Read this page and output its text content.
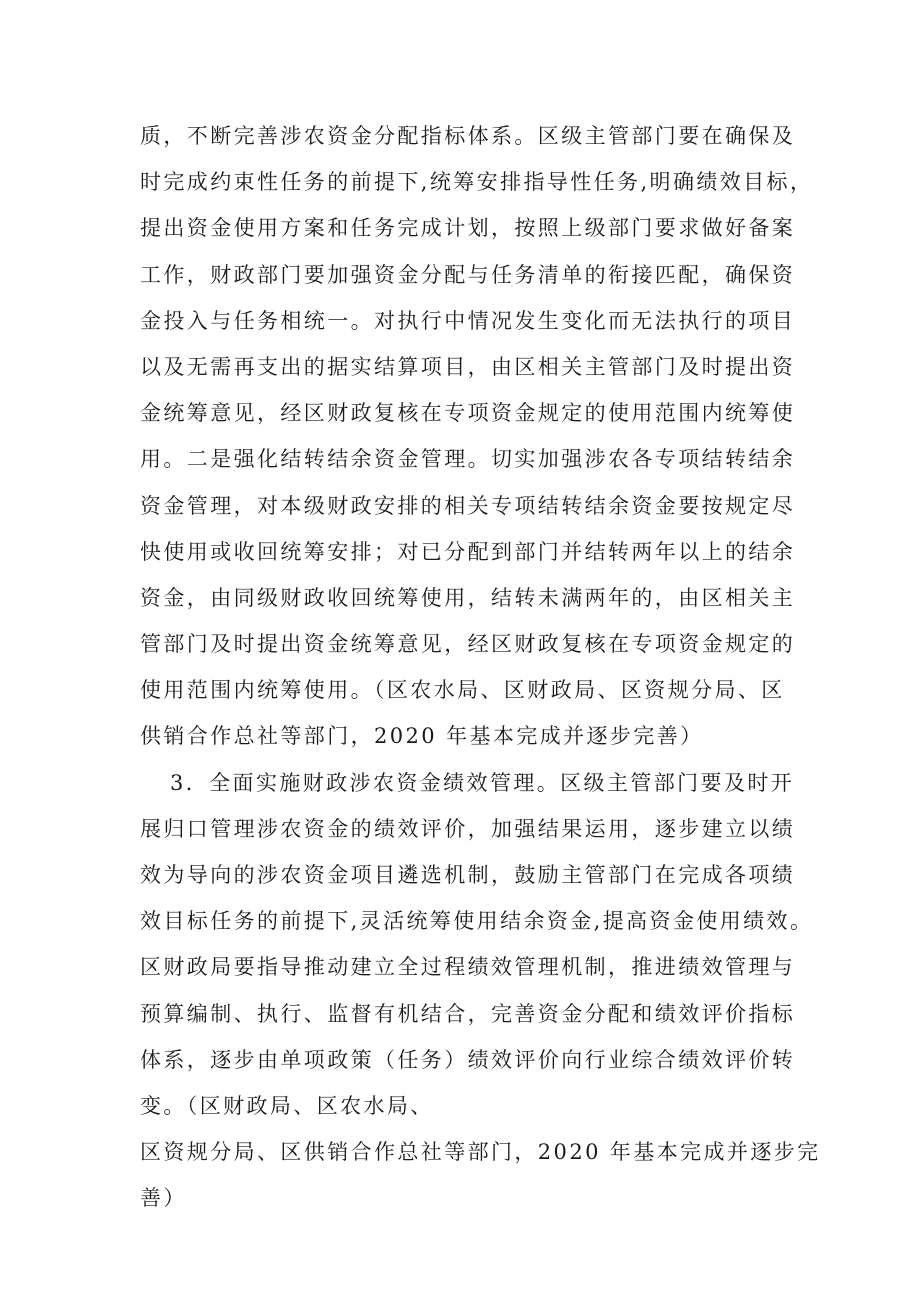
质，不断完善涉农资金分配指标体系。区级主管部门要在确保及
时完成约束性任务的前提下,统筹安排指导性任务,明确绩效目标，
提出资金使用方案和任务完成计划，按照上级部门要求做好备案
工作，财政部门要加强资金分配与任务清单的衔接匹配，确保资
金投入与任务相统一。对执行中情况发生变化而无法执行的项目
以及无需再支出的据实结算项目，由区相关主管部门及时提出资
金统筹意见，经区财政复核在专项资金规定的使用范围内统筹使
用。二是强化结转结余资金管理。切实加强涉农各专项结转结余
资金管理，对本级财政安排的相关专项结转结余资金要按规定尽
快使用或收回统筹安排；对已分配到部门并结转两年以上的结余
资金，由同级财政收回统筹使用，结转未满两年的，由区相关主
管部门及时提出资金统筹意见，经区财政复核在专项资金规定的
使用范围内统筹使用。（区农水局、区财政局、区资规分局、区
供销合作总社等部门，2020 年基本完成并逐步完善）
3．全面实施财政涉农资金绩效管理。区级主管部门要及时开
展归口管理涉农资金的绩效评价，加强结果运用，逐步建立以绩
效为导向的涉农资金项目遴选机制，鼓励主管部门在完成各项绩
效目标任务的前提下,灵活统筹使用结余资金,提高资金使用绩效。
区财政局要指导推动建立全过程绩效管理机制，推进绩效管理与
预算编制、执行、监督有机结合，完善资金分配和绩效评价指标
体系，逐步由单项政策（任务）绩效评价向行业综合绩效评价转
变。（区财政局、区农水局、
区资规分局、区供销合作总社等部门，2020 年基本完成并逐步完
善）
